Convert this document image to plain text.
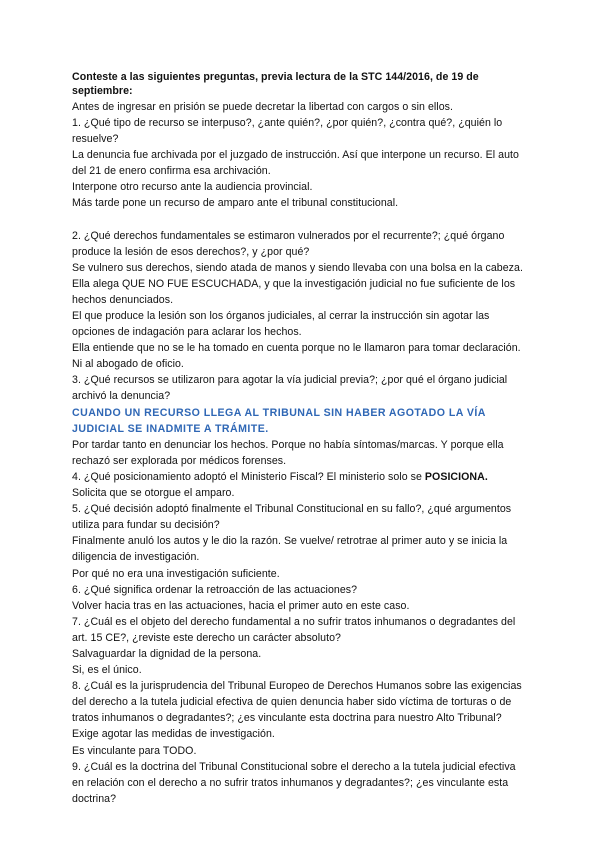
Conteste a las siguientes preguntas, previa lectura de la STC 144/2016, de 19 de septiembre:

Antes de ingresar en prisión se puede decretar la libertad con cargos o sin ellos.

1. ¿Qué tipo de recurso se interpuso?, ¿ante quién?, ¿por quién?, ¿contra qué?, ¿quién lo resuelve?

La denuncia fue archivada por el juzgado de instrucción. Así que interpone un recurso. El auto del 21 de enero confirma esa archivación.

Interpone otro recurso ante la audiencia provincial.

Más tarde pone un recurso de amparo ante el tribunal constitucional.

2. ¿Qué derechos fundamentales se estimaron vulnerados por el recurrente?; ¿qué órgano produce la lesión de esos derechos?, y ¿por qué?

Se vulnero sus derechos, siendo atada de manos y siendo llevaba con una bolsa en la cabeza.

Ella alega QUE NO FUE ESCUCHADA, y que la investigación judicial no fue suficiente de los hechos denunciados.

El que produce la lesión son los órganos judiciales, al cerrar la instrucción sin agotar las opciones de indagación para aclarar los hechos.

Ella entiende que no se le ha tomado en cuenta porque no le llamaron para tomar declaración. Ni al abogado de oficio.

3. ¿Qué recursos se utilizaron para agotar la vía judicial previa?; ¿por qué el órgano judicial archivó la denuncia?

CUANDO UN RECURSO LLEGA AL TRIBUNAL SIN HABER AGOTADO LA VÍA JUDICIAL SE INADMITE A TRÁMITE.

Por tardar tanto en denunciar los hechos. Porque no había síntomas/marcas. Y porque ella rechazó ser explorada por médicos forenses.

4. ¿Qué posicionamiento adoptó el Ministerio Fiscal? El ministerio solo se POSICIONA.

Solicita que se otorgue el amparo.

5. ¿Qué decisión adoptó finalmente el Tribunal Constitucional en su fallo?, ¿qué argumentos utiliza para fundar su decisión?

Finalmente anuló los autos y le dio la razón. Se vuelve/ retrotrae al primer auto y se inicia la diligencia de investigación.

Por qué no era una investigación suficiente.

6. ¿Qué significa ordenar la retroacción de las actuaciones?

Volver hacia tras en las actuaciones, hacia el primer auto en este caso.

7. ¿Cuál es el objeto del derecho fundamental a no sufrir tratos inhumanos o degradantes del art. 15 CE?, ¿reviste este derecho un carácter absoluto?

Salvaguardar la dignidad de la persona.

Si, es el único.

8. ¿Cuál es la jurisprudencia del Tribunal Europeo de Derechos Humanos sobre las exigencias del derecho a la tutela judicial efectiva de quien denuncia haber sido víctima de torturas o de tratos inhumanos o degradantes?; ¿es vinculante esta doctrina para nuestro Alto Tribunal?

Exige agotar las medidas de investigación.

Es vinculante para TODO.

9. ¿Cuál es la doctrina del Tribunal Constitucional sobre el derecho a la tutela judicial efectiva en relación con el derecho a no sufrir tratos inhumanos y degradantes?; ¿es vinculante esta doctrina?
